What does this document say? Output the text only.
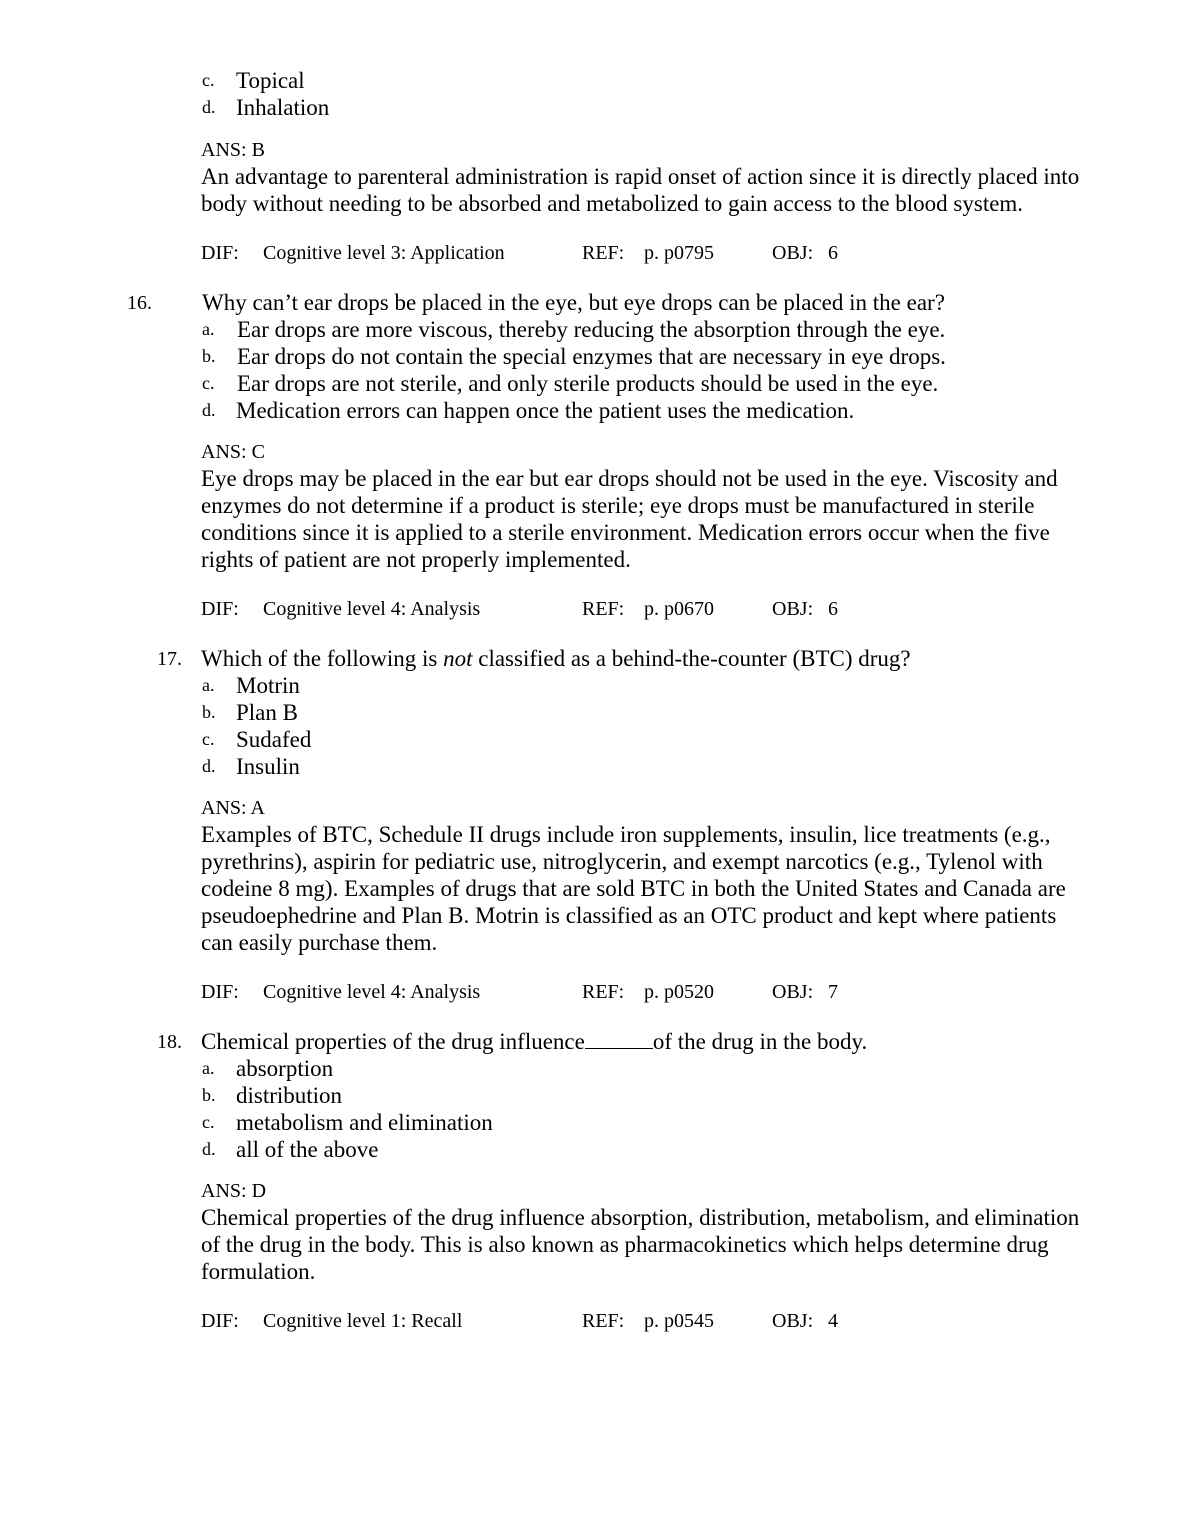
c. Topical
d. Inhalation
ANS: B
An advantage to parenteral administration is rapid onset of action since it is directly placed into body without needing to be absorbed and metabolized to gain access to the blood system.
DIF: Cognitive level 3: Application	REF: p. p0795	OBJ: 6
16. Why can’t ear drops be placed in the eye, but eye drops can be placed in the ear?
a. Ear drops are more viscous, thereby reducing the absorption through the eye.
b. Ear drops do not contain the special enzymes that are necessary in eye drops.
c. Ear drops are not sterile, and only sterile products should be used in the eye.
d. Medication errors can happen once the patient uses the medication.
ANS: C
Eye drops may be placed in the ear but ear drops should not be used in the eye. Viscosity and enzymes do not determine if a product is sterile; eye drops must be manufactured in sterile conditions since it is applied to a sterile environment. Medication errors occur when the five rights of patient are not properly implemented.
DIF: Cognitive level 4: Analysis	REF: p. p0670	OBJ: 6
17. Which of the following is not classified as a behind-the-counter (BTC) drug?
a. Motrin
b. Plan B
c. Sudafed
d. Insulin
ANS: A
Examples of BTC, Schedule II drugs include iron supplements, insulin, lice treatments (e.g., pyrethrins), aspirin for pediatric use, nitroglycerin, and exempt narcotics (e.g., Tylenol with codeine 8 mg). Examples of drugs that are sold BTC in both the United States and Canada are pseudoephedrine and Plan B. Motrin is classified as an OTC product and kept where patients can easily purchase them.
DIF: Cognitive level 4: Analysis	REF: p. p0520	OBJ: 7
18. Chemical properties of the drug influence	of the drug in the body.
a. absorption
b. distribution
c. metabolism and elimination
d. all of the above
ANS: D
Chemical properties of the drug influence absorption, distribution, metabolism, and elimination of the drug in the body. This is also known as pharmacokinetics which helps determine drug formulation.
DIF: Cognitive level 1: Recall	REF: p. p0545	OBJ: 4
